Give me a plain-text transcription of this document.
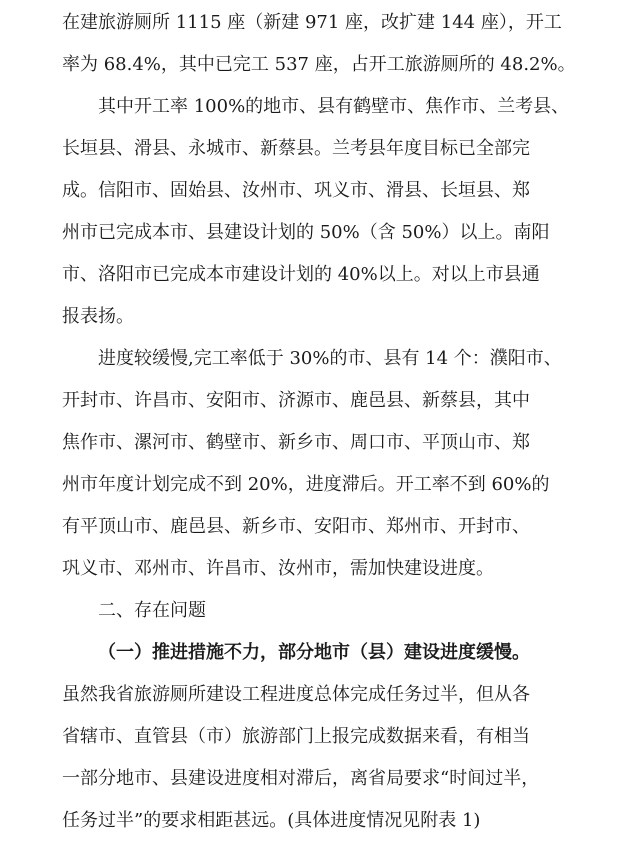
在建旅游厕所 1115 座（新建 971 座，改扩建 144 座），开工
率为 68.4%，其中已完工 537 座，占开工旅游厕所的 48.2%。
其中开工率 100%的地市、县有鹤壁市、焦作市、兰考县、
长垣县、滑县、永城市、新蔡县。兰考县年度目标已全部完
成。信阳市、固始县、汝州市、巩义市、滑县、长垣县、郑
州市已完成本市、县建设计划的 50%（含 50%）以上。南阳
市、洛阳市已完成本市建设计划的 40%以上。对以上市县通
报表扬。
进度较缓慢,完工率低于 30%的市、县有 14 个：濮阳市、
开封市、许昌市、安阳市、济源市、鹿邑县、新蔡县，其中
焦作市、漯河市、鹤壁市、新乡市、周口市、平顶山市、郑
州市年度计划完成不到 20%，进度滞后。开工率不到 60%的
有平顶山市、鹿邑县、新乡市、安阳市、郑州市、开封市、
巩义市、邓州市、许昌市、汝州市，需加快建设进度。
二、存在问题
（一）推进措施不力，部分地市（县）建设进度缓慢。
虽然我省旅游厕所建设工程进度总体完成任务过半，但从各
省辖市、直管县（市）旅游部门上报完成数据来看，有相当
一部分地市、县建设进度相对滞后，离省局要求“时间过半，
任务过半”的要求相距甚远。(具体进度情况见附表 1)
